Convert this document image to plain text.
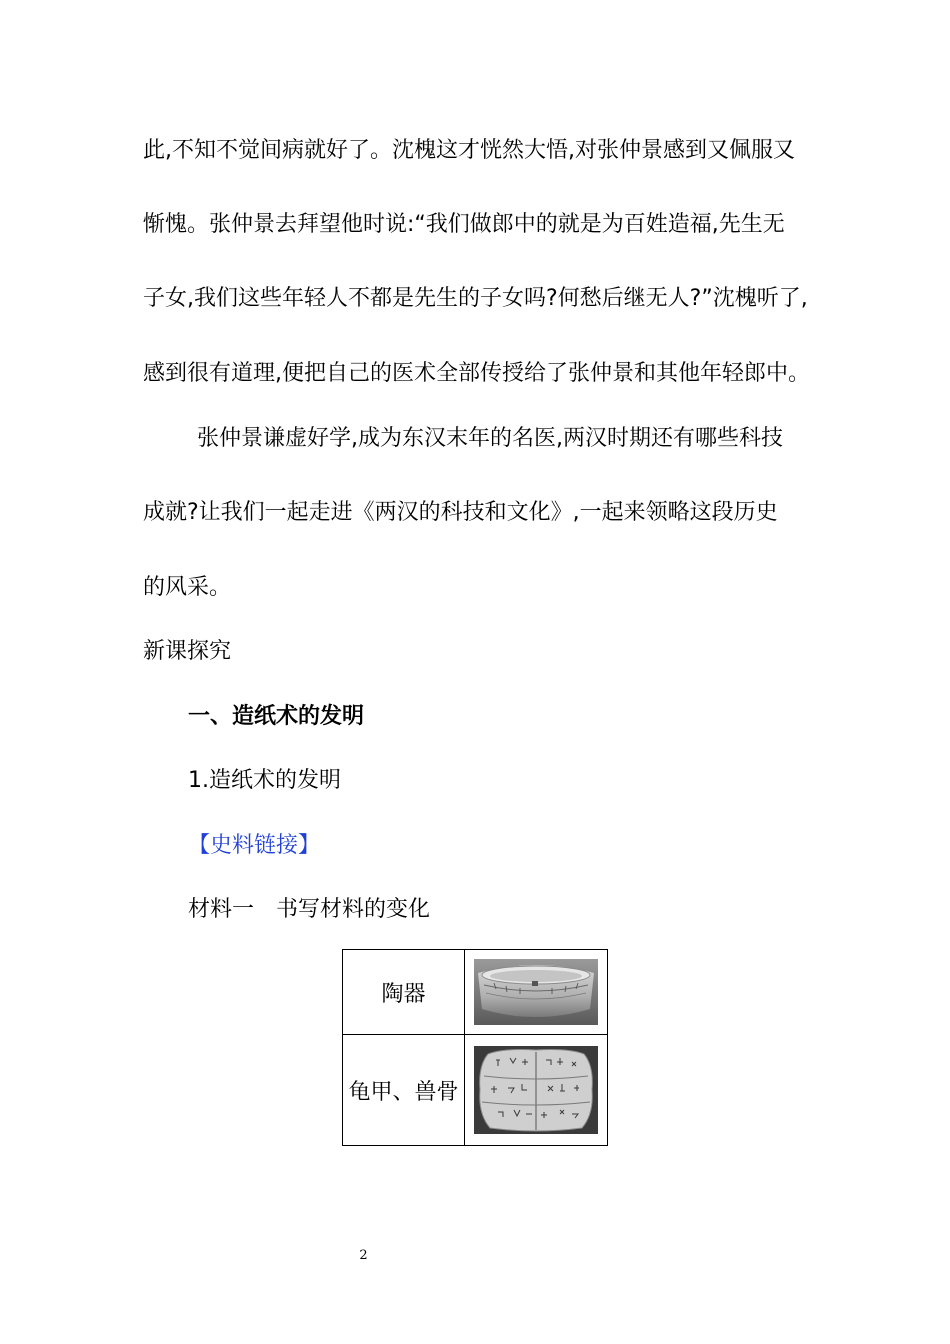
此,不知不觉间病就好了。沈槐这才恍然大悟,对张仲景感到又佩服又
惭愧。张仲景去拜望他时说:“我们做郎中的就是为百姓造福,先生无
子女,我们这些年轻人不都是先生的子女吗?何愁后继无人?”沈槐听了,
感到很有道理,便把自己的医术全部传授给了张仲景和其他年轻郎中。
张仲景谦虚好学,成为东汉末年的名医,两汉时期还有哪些科技
成就?让我们一起走进《两汉的科技和文化》,一起来领略这段历史
的风采。
新课探究
一、造纸术的发明
1.造纸术的发明
【史料链接】
材料一　书写材料的变化
陶器	

龟甲、兽骨	
2
